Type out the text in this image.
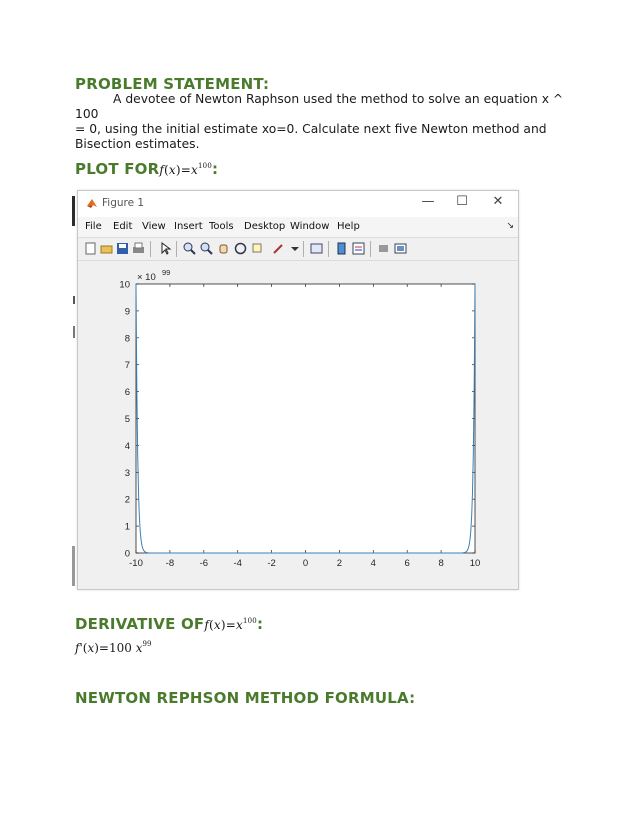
PROBLEM STATEMENT:
A devotee of Newton Raphson used the method to solve an equation x ^ 100
= 0, using the initial estimate xo=0. Calculate next five Newton method and
Bisection estimates.
PLOT $FORf(x)=x^{100}$:
Figure 1	—	☐	✕
File Edit View Insert Tools Desktop Window Help	↘
-10 -8	-6	-4	-2	0	2	4	6	8	10
0
1
2
3
4
5
6
7
8
9
10
× 10 99
DERIVATIVE $OFf(x)=x^{100}$:
f'(x)=100 $x^{99}$
NEWTON REPHSON METHOD FORMULA:
